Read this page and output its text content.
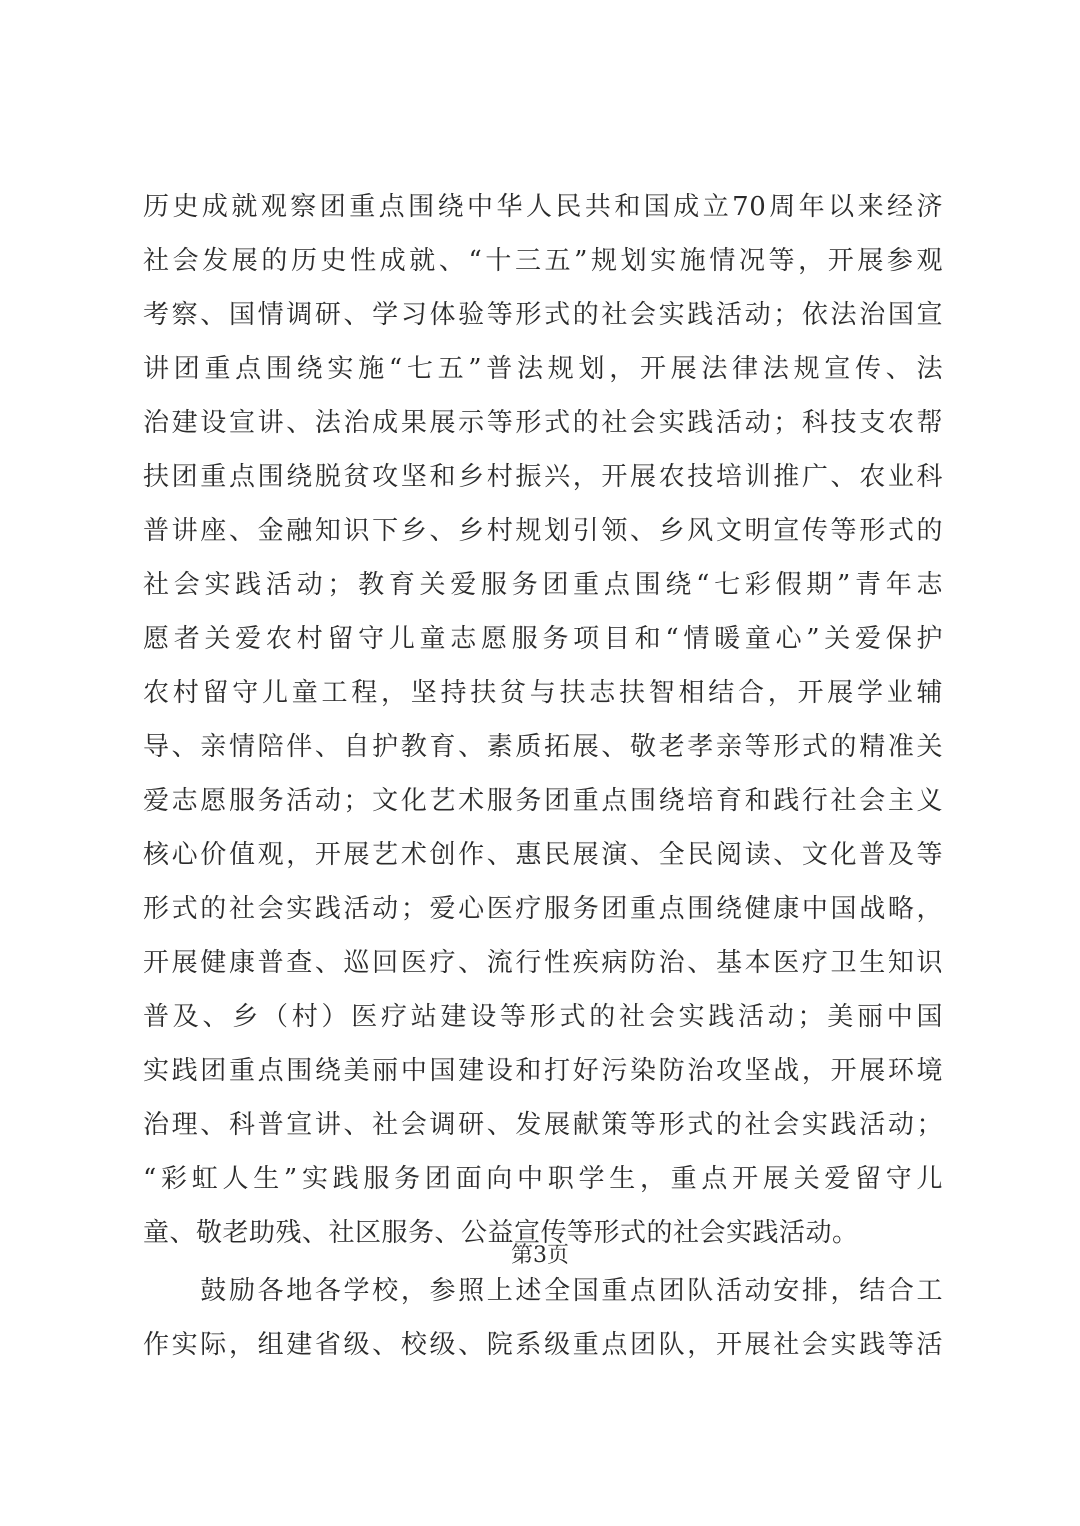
历史成就观察团重点围绕中华人民共和国成立70周年以来经济
社会发展的历史性成就、“十三五”规划实施情况等，开展参观
考察、国情调研、学习体验等形式的社会实践活动；依法治国宣
讲团重点围绕实施“七五”普法规划，开展法律法规宣传、法
治建设宣讲、法治成果展示等形式的社会实践活动；科技支农帮
扶团重点围绕脱贫攻坚和乡村振兴，开展农技培训推广、农业科
普讲座、金融知识下乡、乡村规划引领、乡风文明宣传等形式的
社会实践活动；教育关爱服务团重点围绕“七彩假期”青年志
愿者关爱农村留守儿童志愿服务项目和“情暖童心”关爱保护
农村留守儿童工程，坚持扶贫与扶志扶智相结合，开展学业辅
导、亲情陪伴、自护教育、素质拓展、敬老孝亲等形式的精准关
爱志愿服务活动；文化艺术服务团重点围绕培育和践行社会主义
核心价值观，开展艺术创作、惠民展演、全民阅读、文化普及等
形式的社会实践活动；爱心医疗服务团重点围绕健康中国战略，
开展健康普查、巡回医疗、流行性疾病防治、基本医疗卫生知识
普及、乡（村）医疗站建设等形式的社会实践活动；美丽中国
实践团重点围绕美丽中国建设和打好污染防治攻坚战，开展环境
治理、科普宣讲、社会调研、发展献策等形式的社会实践活动；
“彩虹人生”实践服务团面向中职学生，重点开展关爱留守儿
童、敬老助残、社区服务、公益宣传等形式的社会实践活动。
　　鼓励各地各学校，参照上述全国重点团队活动安排，结合工
作实际，组建省级、校级、院系级重点团队，开展社会实践等活
第3页
